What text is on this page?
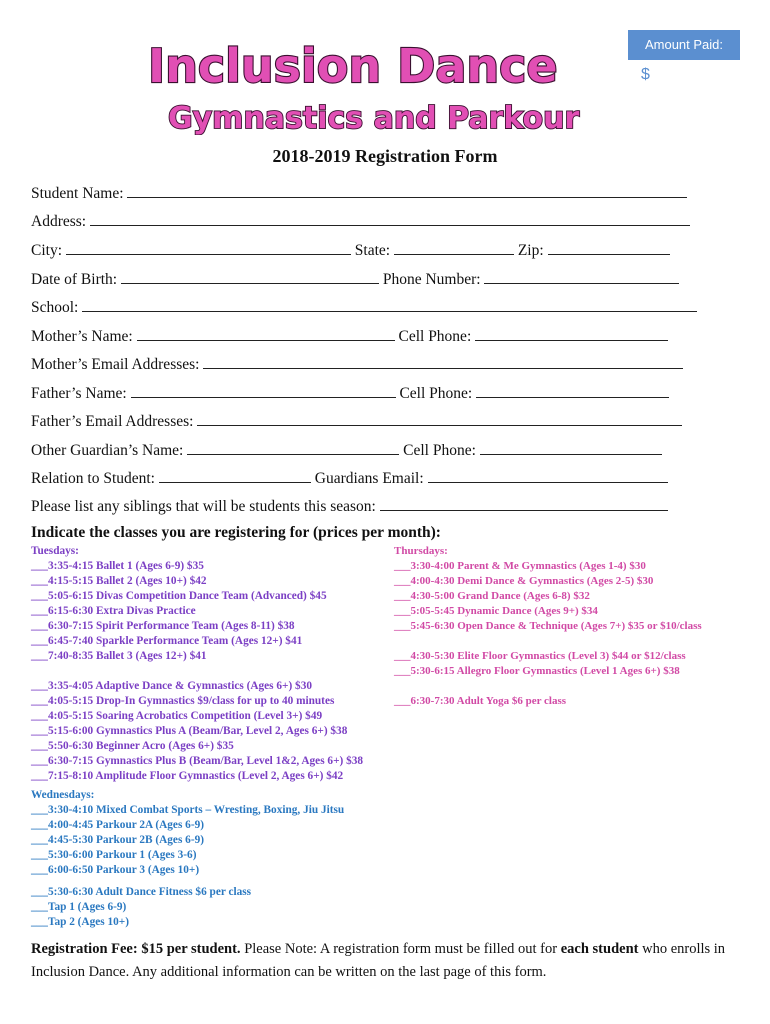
Inclusion Dance
Gymnastics and Parkour
Amount Paid:
$
2018-2019 Registration Form
Student Name:
Address:
City:	State:	Zip:
Date of Birth:	Phone Number:
School:
Mother’s Name:	Cell Phone:
Mother’s Email Addresses:
Father’s Name:	Cell Phone:
Father’s Email Addresses:
Other Guardian’s Name:	Cell Phone:
Relation to Student:	Guardians Email:
Please list any siblings that will be students this season:
Indicate the classes you are registering for (prices per month):
Tuesdays:
___3:35-4:15 Ballet 1 (Ages 6-9) $35
___4:15-5:15 Ballet 2 (Ages 10+) $42
___5:05-6:15 Divas Competition Dance Team (Advanced) $45
___6:15-6:30 Extra Divas Practice
___6:30-7:15 Spirit Performance Team (Ages 8-11) $38
___6:45-7:40 Sparkle Performance Team (Ages 12+) $41
___7:40-8:35 Ballet 3 (Ages 12+) $41
___3:35-4:05 Adaptive Dance & Gymnastics (Ages 6+) $30
___4:05-5:15 Drop-In Gymnastics $9/class for up to 40 minutes
___4:05-5:15 Soaring Acrobatics Competition (Level 3+) $49
___5:15-6:00 Gymnastics Plus A (Beam/Bar, Level 2, Ages 6+) $38
___5:50-6:30 Beginner Acro (Ages 6+) $35
___6:30-7:15 Gymnastics Plus B (Beam/Bar, Level 1&2, Ages 6+) $38
___7:15-8:10 Amplitude Floor Gymnastics (Level 2, Ages 6+) $42
Wednesdays:
___3:30-4:10 Mixed Combat Sports – Wresting, Boxing, Jiu Jitsu
___4:00-4:45 Parkour 2A (Ages 6-9)
___4:45-5:30 Parkour 2B (Ages 6-9)
___5:30-6:00 Parkour 1 (Ages 3-6)
___6:00-6:50 Parkour 3 (Ages 10+)
___5:30-6:30 Adult Dance Fitness $6 per class
___Tap 1 (Ages 6-9)
___Tap 2 (Ages 10+)
Thursdays:
___3:30-4:00 Parent & Me Gymnastics (Ages 1-4) $30
___4:00-4:30 Demi Dance & Gymnastics (Ages 2-5) $30
___4:30-5:00 Grand Dance (Ages 6-8) $32
___5:05-5:45 Dynamic Dance (Ages 9+) $34
___5:45-6:30 Open Dance & Technique (Ages 7+) $35 or $10/class
___4:30-5:30 Elite Floor Gymnastics (Level 3) $44 or $12/class
___5:30-6:15 Allegro Floor Gymnastics (Level 1 Ages 6+) $38
___6:30-7:30 Adult Yoga $6 per class
Registration Fee: $15 per student. Please Note: A registration form must be filled out for each student who enrolls in Inclusion Dance. Any additional information can be written on the last page of this form.
